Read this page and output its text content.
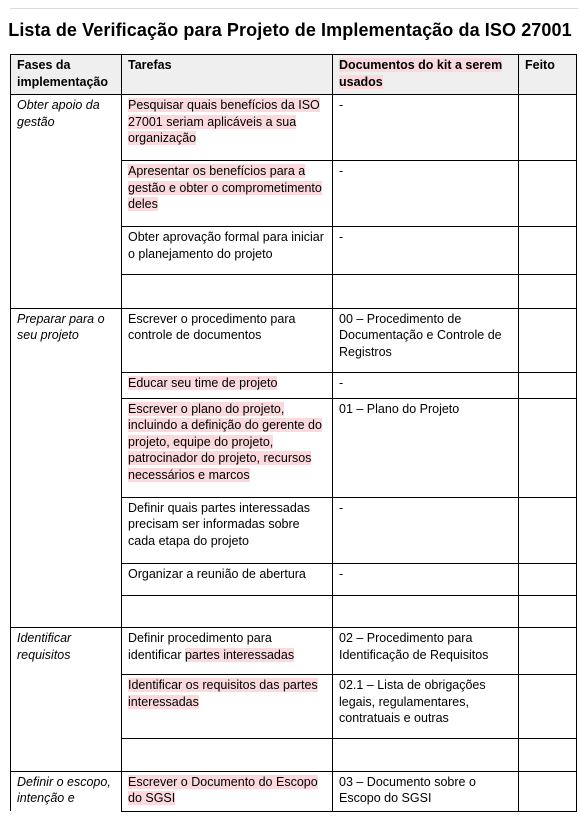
Lista de Verificação para Projeto de Implementação da ISO 27001
Fases da implementação	Tarefas	Documentos do kit a serem usados	Feito
Obter apoio da gestão	Pesquisar quais benefícios da ISO 27001 seriam aplicáveis a sua organização	-	
	Apresentar os benefícios para a gestão e obter o comprometimento deles	-	
	Obter aprovação formal para iniciar o planejamento do projeto	-	

Preparar para o seu projeto	Escrever o procedimento para controle de documentos	00 – Procedimento de Documentação e Controle de Registros	
	Educar seu time de projeto	-	
	Escrever o plano do projeto, incluindo a definição do gerente do projeto, equipe do projeto, patrocinador do projeto, recursos necessários e marcos	01 – Plano do Projeto	
	Definir quais partes interessadas precisam ser informadas sobre cada etapa do projeto	-	
	Organizar a reunião de abertura	-	

Identificar requisitos	Definir procedimento para identificar partes interessadas	02 – Procedimento para Identificação de Requisitos	
	Identificar os requisitos das partes interessadas	02.1 – Lista de obrigações legais, regulamentares, contratuais e outras	

Definir o escopo, intenção e	Escrever o Documento do Escopo do SGSI	03 – Documento sobre o Escopo do SGSI	
